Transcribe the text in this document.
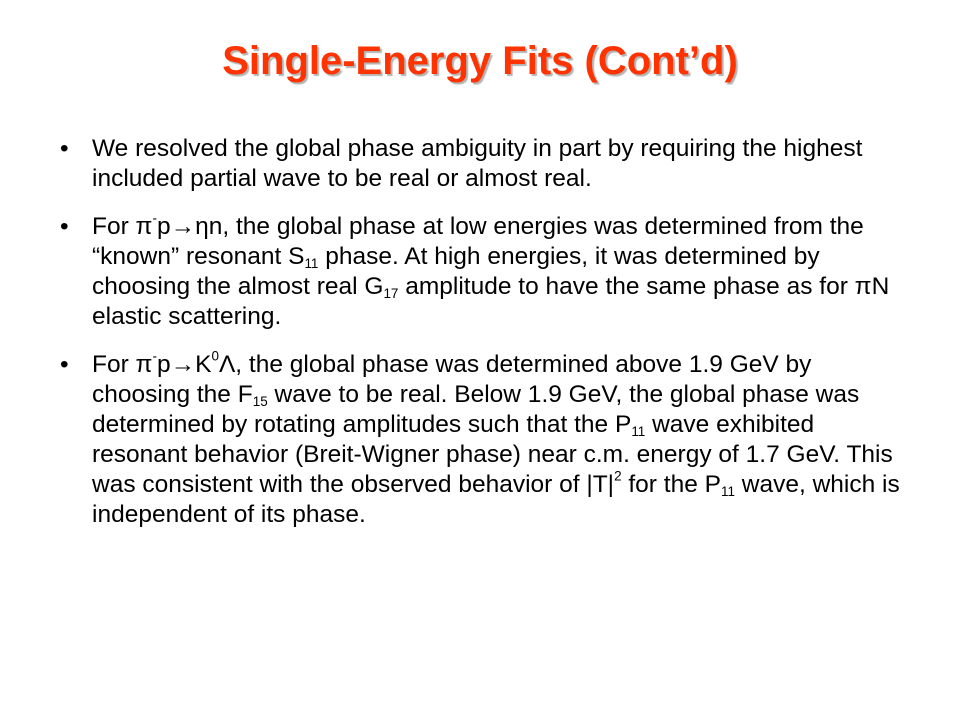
Single-Energy Fits (Cont’d)
• We resolved the global phase ambiguity in part by requiring the highest included partial wave to be real or almost real.
• For π-p→ηn, the global phase at low energies was determined from the “known” resonant $S_{11}$ phase. At high energies, it was determined by choosing the almost real $G_{17}$ amplitude to have the same phase as for πN elastic scattering.
• For $\pi^-p\to K^0\Lambda$, the global phase was determined above 1.9 GeV by choosing the $F_{15}$ wave to be real. Below 1.9 GeV, the global phase was determined by rotating amplitudes such that the $P_{11}$ wave exhibited resonant behavior (Breit-Wigner phase) near c.m. energy of 1.7 GeV. This was consistent with the observed behavior of $|T|^2$ for the $P_{11}$ wave, which is independent of its phase.
